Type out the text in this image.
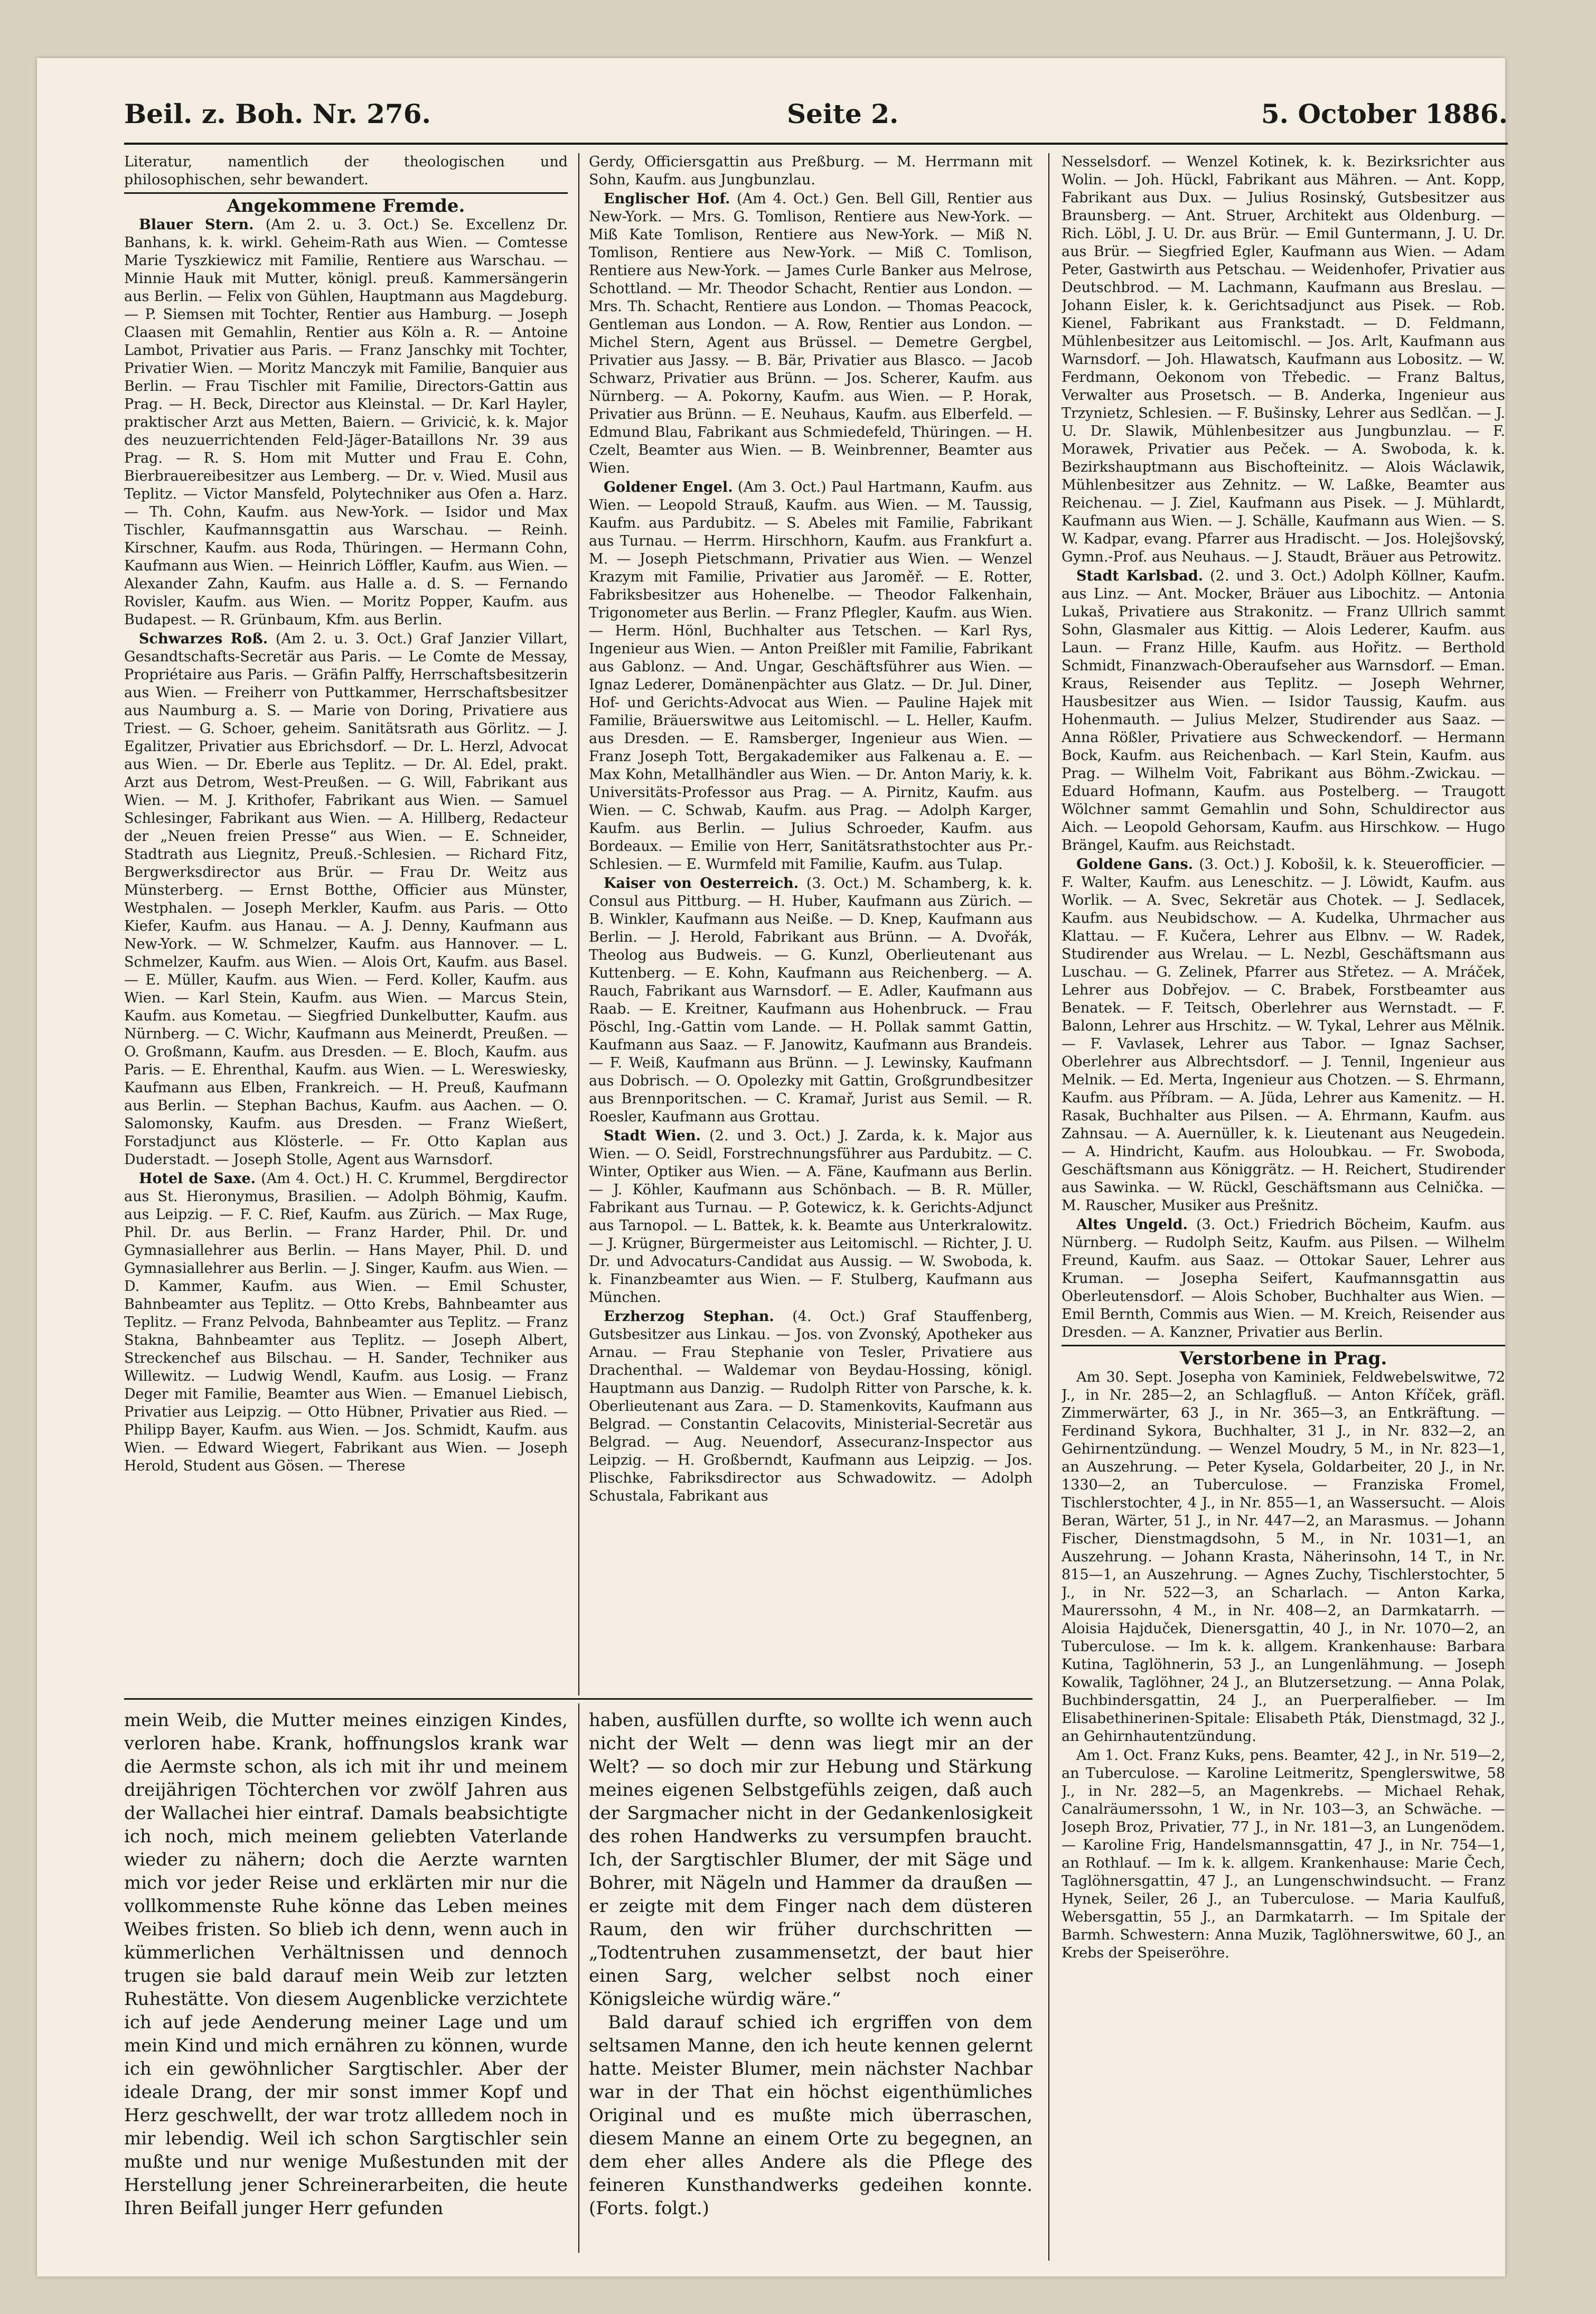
Beil. z. Boh. Nr. 276.	Seite 2.	5. October 1886.

Literatur, namentlich der theologischen und philosophischen, sehr bewandert.

Angekommene Fremde.

Blauer Stern. (Am 2. u. 3. Oct.) Se. Excellenz Dr. Banhans, k. k. wirkl. Geheim-Rath aus Wien. — Comtesse Marie Tyszkiewicz mit Familie, Rentiere aus Warschau. — Minnie Hauk mit Mutter, königl. preuß. Kammersängerin aus Berlin. — Felix von Gühlen, Hauptmann aus Magdeburg. — P. Siemsen mit Tochter, Rentier aus Hamburg. — Joseph Claasen mit Gemahlin, Rentier aus Köln a. R. — Antoine Lambot, Privatier aus Paris. — Franz Janschky mit Tochter, Privatier Wien. — Moritz Manczyk mit Familie, Banquier aus Berlin. — Frau Tischler mit Familie, Directors-Gattin aus Prag. — H. Beck, Director aus Kleinstal. — Dr. Karl Hayler, praktischer Arzt aus Metten, Baiern. — Griviciċ, k. k. Major des neuzuerrichtenden Feld-Jäger-Bataillons Nr. 39 aus Prag. — R. S. Hom mit Mutter und Frau E. Cohn, Bierbrauereibesitzer aus Lemberg. — Dr. v. Wied. Musil aus Teplitz. — Victor Mansfeld, Polytechniker aus Ofen a. Harz. — Th. Cohn, Kaufm. aus New-York. — Isidor und Max Tischler, Kaufmannsgattin aus Warschau. — Reinh. Kirschner, Kaufm. aus Roda, Thüringen. — Hermann Cohn, Kaufmann aus Wien. — Heinrich Löffler, Kaufm. aus Wien. — Alexander Zahn, Kaufm. aus Halle a. d. S. — Fernando Rovisler, Kaufm. aus Wien. — Moritz Popper, Kaufm. aus Budapest. — R. Grünbaum, Kfm. aus Berlin.

Schwarzes Roß. (Am 2. u. 3. Oct.) Graf Janzier Villart, Gesandtschafts-Secretär aus Paris. — Le Comte de Messay, Propriétaire aus Paris. — Gräfin Palffy, Herrschaftsbesitzerin aus Wien. — Freiherr von Puttkammer, Herrschaftsbesitzer aus Naumburg a. S. — Marie von Doring, Privatiere aus Triest. — G. Schoer, geheim. Sanitätsrath aus Görlitz. — J. Egalitzer, Privatier aus Ebrichsdorf. — Dr. L. Herzl, Advocat aus Wien. — Dr. Eberle aus Teplitz. — Dr. Al. Edel, prakt. Arzt aus Detrom, West-Preußen. — G. Will, Fabrikant aus Wien. — M. J. Krithofer, Fabrikant aus Wien. — Samuel Schlesinger, Fabrikant aus Wien. — A. Hillberg, Redacteur der „Neuen freien Presse“ aus Wien. — E. Schneider, Stadtrath aus Liegnitz, Preuß.-Schlesien. — Richard Fitz, Bergwerksdirector aus Brür. — Frau Dr. Weitz aus Münsterberg. — Ernst Botthe, Officier aus Münster, Westphalen. — Joseph Merkler, Kaufm. aus Paris. — Otto Kiefer, Kaufm. aus Hanau. — A. J. Denny, Kaufmann aus New-York. — W. Schmelzer, Kaufm. aus Hannover. — L. Schmelzer, Kaufm. aus Wien. — Alois Ort, Kaufm. aus Basel. — E. Müller, Kaufm. aus Wien. — Ferd. Koller, Kaufm. aus Wien. — Karl Stein, Kaufm. aus Wien. — Marcus Stein, Kaufm. aus Kometau. — Siegfried Dunkelbutter, Kaufm. aus Nürnberg. — C. Wichr, Kaufmann aus Meinerdt, Preußen. — O. Großmann, Kaufm. aus Dresden. — E. Bloch, Kaufm. aus Paris. — E. Ehrenthal, Kaufm. aus Wien. — L. Wereswiesky, Kaufmann aus Elben, Frankreich. — H. Preuß, Kaufmann aus Berlin. — Stephan Bachus, Kaufm. aus Aachen. — O. Salomonsky, Kaufm. aus Dresden. — Franz Wießert, Forstadjunct aus Klösterle. — Fr. Otto Kaplan aus Duderstadt. — Joseph Stolle, Agent aus Warnsdorf.

Hotel de Saxe. (Am 4. Oct.) H. C. Krummel, Bergdirector aus St. Hieronymus, Brasilien. — Adolph Böhmig, Kaufm. aus Leipzig. — F. C. Rief, Kaufm. aus Zürich. — Max Ruge, Phil. Dr. aus Berlin. — Franz Harder, Phil. Dr. und Gymnasiallehrer aus Berlin. — Hans Mayer, Phil. D. und Gymnasiallehrer aus Berlin. — J. Singer, Kaufm. aus Wien. — D. Kammer, Kaufm. aus Wien. — Emil Schuster, Bahnbeamter aus Teplitz. — Otto Krebs, Bahnbeamter aus Teplitz. — Franz Pelvoda, Bahnbeamter aus Teplitz. — Franz Stakna, Bahnbeamter aus Teplitz. — Joseph Albert, Streckenchef aus Bilschau. — H. Sander, Techniker aus Willewitz. — Ludwig Wendl, Kaufm. aus Losig. — Franz Deger mit Familie, Beamter aus Wien. — Emanuel Liebisch, Privatier aus Leipzig. — Otto Hübner, Privatier aus Ried. — Philipp Bayer, Kaufm. aus Wien. — Jos. Schmidt, Kaufm. aus Wien. — Edward Wiegert, Fabrikant aus Wien. — Joseph Herold, Student aus Gösen. — Therese

Gerdy, Officiersgattin aus Preßburg. — M. Herrmann mit Sohn, Kaufm. aus Jungbunzlau.

Englischer Hof. (Am 4. Oct.) Gen. Bell Gill, Rentier aus New-York. — Mrs. G. Tomlison, Rentiere aus New-York. — Miß Kate Tomlison, Rentiere aus New-York. — Miß N. Tomlison, Rentiere aus New-York. — Miß C. Tomlison, Rentiere aus New-York. — James Curle Banker aus Melrose, Schottland. — Mr. Theodor Schacht, Rentier aus London. — Mrs. Th. Schacht, Rentiere aus London. — Thomas Peacock, Gentleman aus London. — A. Row, Rentier aus London. — Michel Stern, Agent aus Brüssel. — Demetre Gergbel, Privatier aus Jassy. — B. Bär, Privatier aus Blasco. — Jacob Schwarz, Privatier aus Brünn. — Jos. Scherer, Kaufm. aus Nürnberg. — A. Pokorny, Kaufm. aus Wien. — P. Horak, Privatier aus Brünn. — E. Neuhaus, Kaufm. aus Elberfeld. — Edmund Blau, Fabrikant aus Schmiedefeld, Thüringen. — H. Czelt, Beamter aus Wien. — B. Weinbrenner, Beamter aus Wien.

Goldener Engel. (Am 3. Oct.) Paul Hartmann, Kaufm. aus Wien. — Leopold Strauß, Kaufm. aus Wien. — M. Taussig, Kaufm. aus Pardubitz. — S. Abeles mit Familie, Fabrikant aus Turnau. — Herrm. Hirschhorn, Kaufm. aus Frankfurt a. M. — Joseph Pietschmann, Privatier aus Wien. — Wenzel Krazym mit Familie, Privatier aus Jaroměř. — E. Rotter, Fabriksbesitzer aus Hohenelbe. — Theodor Falkenhain, Trigonometer aus Berlin. — Franz Pflegler, Kaufm. aus Wien. — Herm. Hönl, Buchhalter aus Tetschen. — Karl Rys, Ingenieur aus Wien. — Anton Preißler mit Familie, Fabrikant aus Gablonz. — And. Ungar, Geschäftsführer aus Wien. — Ignaz Lederer, Domänenpächter aus Glatz. — Dr. Jul. Diner, Hof- und Gerichts-Advocat aus Wien. — Pauline Hajek mit Familie, Bräuerswitwe aus Leitomischl. — L. Heller, Kaufm. aus Dresden. — E. Ramsberger, Ingenieur aus Wien. — Franz Joseph Tott, Bergakademiker aus Falkenau a. E. — Max Kohn, Metallhändler aus Wien. — Dr. Anton Mariy, k. k. Universitäts-Professor aus Prag. — A. Pirnitz, Kaufm. aus Wien. — C. Schwab, Kaufm. aus Prag. — Adolph Karger, Kaufm. aus Berlin. — Julius Schroeder, Kaufm. aus Bordeaux. — Emilie von Herr, Sanitätsrathstochter aus Pr.-Schlesien. — E. Wurmfeld mit Familie, Kaufm. aus Tulap.

Kaiser von Oesterreich. (3. Oct.) M. Schamberg, k. k. Consul aus Pittburg. — H. Huber, Kaufmann aus Zürich. — B. Winkler, Kaufmann aus Neiße. — D. Knep, Kaufmann aus Berlin. — J. Herold, Fabrikant aus Brünn. — A. Dvořák, Theolog aus Budweis. — G. Kunzl, Oberlieutenant aus Kuttenberg. — E. Kohn, Kaufmann aus Reichenberg. — A. Rauch, Fabrikant aus Warnsdorf. — E. Adler, Kaufmann aus Raab. — E. Kreitner, Kaufmann aus Hohenbruck. — Frau Pöschl, Ing.-Gattin vom Lande. — H. Pollak sammt Gattin, Kaufmann aus Saaz. — F. Janowitz, Kaufmann aus Brandeis. — F. Weiß, Kaufmann aus Brünn. — J. Lewinsky, Kaufmann aus Dobrisch. — O. Opolezky mit Gattin, Großgrundbesitzer aus Brennporitschen. — C. Kramař, Jurist aus Semil. — R. Roesler, Kaufmann aus Grottau.

Stadt Wien. (2. und 3. Oct.) J. Zarda, k. k. Major aus Wien. — O. Seidl, Forstrechnungsführer aus Pardubitz. — C. Winter, Optiker aus Wien. — A. Fäne, Kaufmann aus Berlin. — J. Köhler, Kaufmann aus Schönbach. — B. R. Müller, Fabrikant aus Turnau. — P. Gotewicz, k. k. Gerichts-Adjunct aus Tarnopol. — L. Battek, k. k. Beamte aus Unterkralowitz. — J. Krügner, Bürgermeister aus Leitomischl. — Richter, J. U. Dr. und Advocaturs-Candidat aus Aussig. — W. Swoboda, k. k. Finanzbeamter aus Wien. — F. Stulberg, Kaufmann aus München.

Erzherzog Stephan. (4. Oct.) Graf Stauffenberg, Gutsbesitzer aus Linkau. — Jos. von Zvonský, Apotheker aus Arnau. — Frau Stephanie von Tesler, Privatiere aus Drachenthal. — Waldemar von Beydau-Hossing, königl. Hauptmann aus Danzig. — Rudolph Ritter von Parsche, k. k. Oberlieutenant aus Zara. — D. Stamenkovits, Kaufmann aus Belgrad. — Constantin Celacovits, Ministerial-Secretär aus Belgrad. — Aug. Neuendorf, Assecuranz-Inspector aus Leipzig. — H. Großberndt, Kaufmann aus Leipzig. — Jos. Plischke, Fabriksdirector aus Schwadowitz. — Adolph Schustala, Fabrikant aus

Nesselsdorf. — Wenzel Kotinek, k. k. Bezirksrichter aus Wolin. — Joh. Hückl, Fabrikant aus Mähren. — Ant. Kopp, Fabrikant aus Dux. — Julius Rosinský, Gutsbesitzer aus Braunsberg. — Ant. Struer, Architekt aus Oldenburg. — Rich. Löbl, J. U. Dr. aus Brür. — Emil Guntermann, J. U. Dr. aus Brür. — Siegfried Egler, Kaufmann aus Wien. — Adam Peter, Gastwirth aus Petschau. — Weidenhofer, Privatier aus Deutschbrod. — M. Lachmann, Kaufmann aus Breslau. — Johann Eisler, k. k. Gerichtsadjunct aus Pisek. — Rob. Kienel, Fabrikant aus Frankstadt. — D. Feldmann, Mühlenbesitzer aus Leitomischl. — Jos. Arlt, Kaufmann aus Warnsdorf. — Joh. Hlawatsch, Kaufmann aus Lobositz. — W. Ferdmann, Oekonom von Třebedic. — Franz Baltus, Verwalter aus Prosetsch. — B. Anderka, Ingenieur aus Trzynietz, Schlesien. — F. Bušinsky, Lehrer aus Sedlčan. — J. U. Dr. Slawik, Mühlenbesitzer aus Jungbunzlau. — F. Morawek, Privatier aus Peček. — A. Swoboda, k. k. Bezirkshauptmann aus Bischofteinitz. — Alois Wáclawik, Mühlenbesitzer aus Zehnitz. — W. Laßke, Beamter aus Reichenau. — J. Ziel, Kaufmann aus Pisek. — J. Mühlardt, Kaufmann aus Wien. — J. Schälle, Kaufmann aus Wien. — S. W. Kadpar, evang. Pfarrer aus Hradischt. — Jos. Holejšovský, Gymn.-Prof. aus Neuhaus. — J. Staudt, Bräuer aus Petrowitz.

Stadt Karlsbad. (2. und 3. Oct.) Adolph Köllner, Kaufm. aus Linz. — Ant. Mocker, Bräuer aus Libochitz. — Antonia Lukaš, Privatiere aus Strakonitz. — Franz Ullrich sammt Sohn, Glasmaler aus Kittig. — Alois Lederer, Kaufm. aus Laun. — Franz Hille, Kaufm. aus Hořitz. — Berthold Schmidt, Finanzwach-Oberaufseher aus Warnsdorf. — Eman. Kraus, Reisender aus Teplitz. — Joseph Wehrner, Hausbesitzer aus Wien. — Isidor Taussig, Kaufm. aus Hohenmauth. — Julius Melzer, Studirender aus Saaz. — Anna Rößler, Privatiere aus Schweckendorf. — Hermann Bock, Kaufm. aus Reichenbach. — Karl Stein, Kaufm. aus Prag. — Wilhelm Voit, Fabrikant aus Böhm.-Zwickau. — Eduard Hofmann, Kaufm. aus Postelberg. — Traugott Wölchner sammt Gemahlin und Sohn, Schuldirector aus Aich. — Leopold Gehorsam, Kaufm. aus Hirschkow. — Hugo Brängel, Kaufm. aus Reichstadt.

Goldene Gans. (3. Oct.) J. Kobošil, k. k. Steuerofficier. — F. Walter, Kaufm. aus Leneschitz. — J. Löwidt, Kaufm. aus Worlik. — A. Svec, Sekretär aus Chotek. — J. Sedlacek, Kaufm. aus Neubidschow. — A. Kudelka, Uhrmacher aus Klattau. — F. Kučera, Lehrer aus Elbnv. — W. Radek, Studirender aus Wrelau. — L. Nezbl, Geschäftsmann aus Luschau. — G. Zelinek, Pfarrer aus Střetez. — A. Mráček, Lehrer aus Dobřejov. — C. Brabek, Forstbeamter aus Benatek. — F. Teitsch, Oberlehrer aus Wernstadt. — F. Balonn, Lehrer aus Hrschitz. — W. Tykal, Lehrer aus Mělnik. — F. Vavlasek, Lehrer aus Tabor. — Ignaz Sachser, Oberlehrer aus Albrechtsdorf. — J. Tennil, Ingenieur aus Melnik. — Ed. Merta, Ingenieur aus Chotzen. — S. Ehrmann, Kaufm. aus Příbram. — A. Jüda, Lehrer aus Kamenitz. — H. Rasak, Buchhalter aus Pilsen. — A. Ehrmann, Kaufm. aus Zahnsau. — A. Auernüller, k. k. Lieutenant aus Neugedein. — A. Hindricht, Kaufm. aus Holoubkau. — Fr. Swoboda, Geschäftsmann aus Königgrätz. — H. Reichert, Studirender aus Sawinka. — W. Rückl, Geschäftsmann aus Celnička. — M. Rauscher, Musiker aus Prešnitz.

Altes Ungeld. (3. Oct.) Friedrich Böcheim, Kaufm. aus Nürnberg. — Rudolph Seitz, Kaufm. aus Pilsen. — Wilhelm Freund, Kaufm. aus Saaz. — Ottokar Sauer, Lehrer aus Kruman. — Josepha Seifert, Kaufmannsgattin aus Oberleutensdorf. — Alois Schober, Buchhalter aus Wien. — Emil Bernth, Commis aus Wien. — M. Kreich, Reisender aus Dresden. — A. Kanzner, Privatier aus Berlin.

Verstorbene in Prag.

Am 30. Sept. Josepha von Kaminiek, Feldwebelswitwe, 72 J., in Nr. 285—2, an Schlagfluß. — Anton Kříček, gräfl. Zimmerwärter, 63 J., in Nr. 365—3, an Entkräftung. — Ferdinand Sykora, Buchhalter, 31 J., in Nr. 832—2, an Gehirnentzündung. — Wenzel Moudry, 5 M., in Nr. 823—1, an Auszehrung. — Peter Kysela, Goldarbeiter, 20 J., in Nr. 1330—2, an Tuberculose. — Franziska Fromel, Tischlerstochter, 4 J., in Nr. 855—1, an Wassersucht. — Alois Beran, Wärter, 51 J., in Nr. 447—2, an Marasmus. — Johann Fischer, Dienstmagdsohn, 5 M., in Nr. 1031—1, an Auszehrung. — Johann Krasta, Näherinsohn, 14 T., in Nr. 815—1, an Auszehrung. — Agnes Zuchy, Tischlerstochter, 5 J., in Nr. 522—3, an Scharlach. — Anton Karka, Maurerssohn, 4 M., in Nr. 408—2, an Darmkatarrh. — Aloisia Hajduček, Dienersgattin, 40 J., in Nr. 1070—2, an Tuberculose. — Im k. k. allgem. Krankenhause: Barbara Kutina, Taglöhnerin, 53 J., an Lungenlähmung. — Joseph Kowalik, Taglöhner, 24 J., an Blutzersetzung. — Anna Polak, Buchbindersgattin, 24 J., an Puerperalfieber. — Im Elisabethinerinen-Spitale: Elisabeth Pták, Dienstmagd, 32 J., an Gehirnhautentzündung.

Am 1. Oct. Franz Kuks, pens. Beamter, 42 J., in Nr. 519—2, an Tuberculose. — Karoline Leitmeritz, Spenglerswitwe, 58 J., in Nr. 282—5, an Magenkrebs. — Michael Rehak, Canalräumerssohn, 1 W., in Nr. 103—3, an Schwäche. — Joseph Broz, Privatier, 77 J., in Nr. 181—3, an Lungenödem. — Karoline Frig, Handelsmannsgattin, 47 J., in Nr. 754—1, an Rothlauf. — Im k. k. allgem. Krankenhause: Marie Čech, Taglöhnersgattin, 47 J., an Lungenschwindsucht. — Franz Hynek, Seiler, 26 J., an Tuberculose. — Maria Kaulfuß, Webersgattin, 55 J., an Darmkatarrh. — Im Spitale der Barmh. Schwestern: Anna Muzik, Taglöhnerswitwe, 60 J., an Krebs der Speiseröhre.

mein Weib, die Mutter meines einzigen Kindes, verloren habe. Krank, hoffnungslos krank war die Aermste schon, als ich mit ihr und meinem dreijährigen Töchterchen vor zwölf Jahren aus der Wallachei hier eintraf. Damals beabsichtigte ich noch, mich meinem geliebten Vaterlande wieder zu nähern; doch die Aerzte warnten mich vor jeder Reise und erklärten mir nur die vollkommenste Ruhe könne das Leben meines Weibes fristen. So blieb ich denn, wenn auch in kümmerlichen Verhältnissen und dennoch trugen sie bald darauf mein Weib zur letzten Ruhestätte. Von diesem Augenblicke verzichtete ich auf jede Aenderung meiner Lage und um mein Kind und mich ernähren zu können, wurde ich ein gewöhnlicher Sargtischler. Aber der ideale Drang, der mir sonst immer Kopf und Herz geschwellt, der war trotz allledem noch in mir lebendig. Weil ich schon Sargtischler sein mußte und nur wenige Mußestunden mit der Herstellung jener Schreinerarbeiten, die heute Ihren Beifall junger Herr gefunden

haben, ausfüllen durfte, so wollte ich wenn auch nicht der Welt — denn was liegt mir an der Welt? — so doch mir zur Hebung und Stärkung meines eigenen Selbstgefühls zeigen, daß auch der Sargmacher nicht in der Gedankenlosigkeit des rohen Handwerks zu versumpfen braucht. Ich, der Sargtischler Blumer, der mit Säge und Bohrer, mit Nägeln und Hammer da draußen — er zeigte mit dem Finger nach dem düsteren Raum, den wir früher durchschritten — „Todtentruhen zusammensetzt, der baut hier einen Sarg, welcher selbst noch einer Königsleiche würdig wäre.“

Bald darauf schied ich ergriffen von dem seltsamen Manne, den ich heute kennen gelernt hatte. Meister Blumer, mein nächster Nachbar war in der That ein höchst eigenthümliches Original und es mußte mich überraschen, diesem Manne an einem Orte zu begegnen, an dem eher alles Andere als die Pflege des feineren Kunsthandwerks gedeihen konnte. (Forts. folgt.)
